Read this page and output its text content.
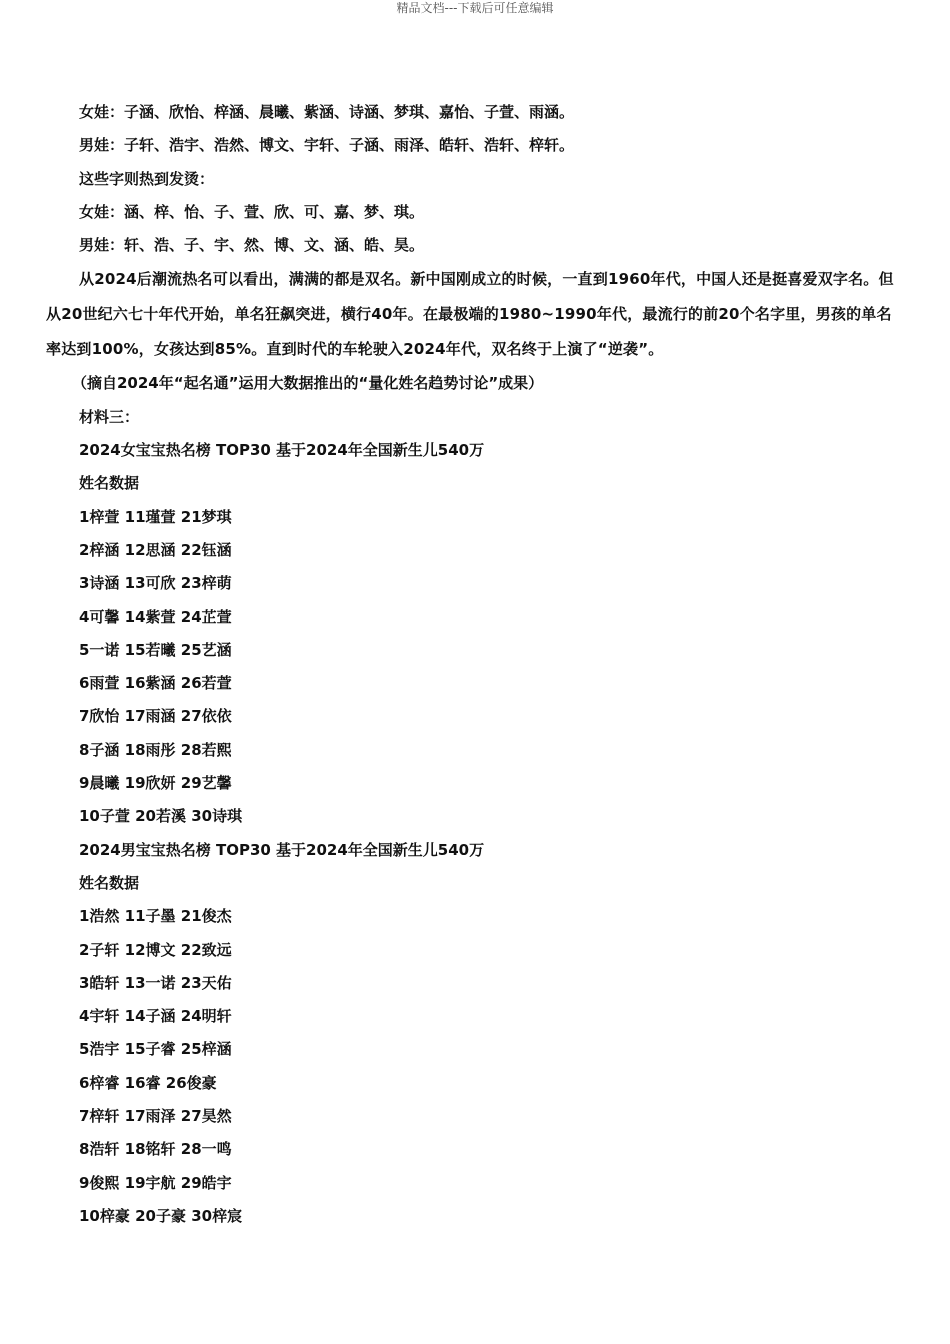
精品文档---下载后可任意编辑
女娃：子涵、欣怡、梓涵、晨曦、紫涵、诗涵、梦琪、嘉怡、子萱、雨涵。
男娃：子轩、浩宇、浩然、博文、宇轩、子涵、雨泽、皓轩、浩轩、梓轩。
这些字则热到发烫：
女娃：涵、梓、怡、子、萱、欣、可、嘉、梦、琪。
男娃：轩、浩、子、宇、然、博、文、涵、皓、昊。
从2024后潮流热名可以看出，满满的都是双名。新中国刚成立的时候，一直到1960年代，中国人还是挺喜爱双字名。但从20世纪六七十年代开始，单名狂飙突进，横行40年。在最极端的1980~1990年代，最流行的前20个名字里，男孩的单名率达到100%，女孩达到85%。直到时代的车轮驶入2024年代，双名终于上演了“逆袭”。
（摘自2024年“起名通”运用大数据推出的“量化姓名趋势讨论”成果）
材料三：
2024女宝宝热名榜 TOP30 基于2024年全国新生儿540万
姓名数据
1梓萱 11瑾萱 21梦琪
2梓涵 12思涵 22钰涵
3诗涵 13可欣 23梓萌
4可馨 14紫萱 24芷萱
5一诺 15若曦 25艺涵
6雨萱 16紫涵 26若萱
7欣怡 17雨涵 27依依
8子涵 18雨彤 28若熙
9晨曦 19欣妍 29艺馨
10子萱 20若溪 30诗琪
2024男宝宝热名榜 TOP30 基于2024年全国新生儿540万
姓名数据
1浩然 11子墨 21俊杰
2子轩 12博文 22致远
3皓轩 13一诺 23天佑
4宇轩 14子涵 24明轩
5浩宇 15子睿 25梓涵
6梓睿 16睿 26俊豪
7梓轩 17雨泽 27昊然
8浩轩 18铭轩 28一鸣
9俊熙 19宇航 29皓宇
10梓豪 20子豪 30梓宸
